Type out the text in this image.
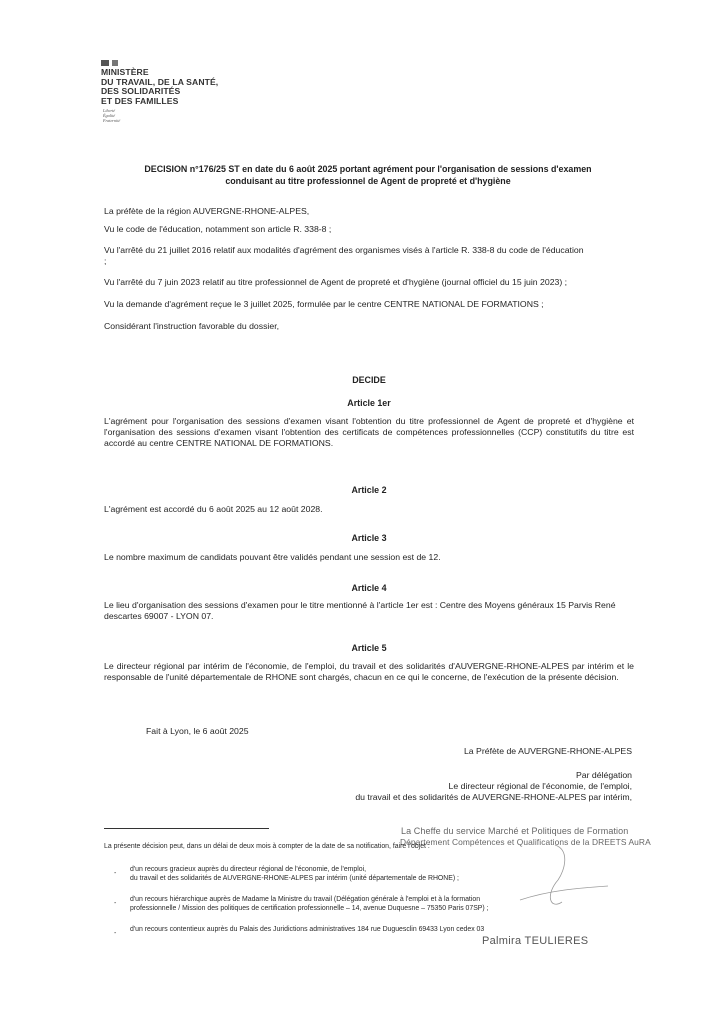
MINISTÈRE
DU TRAVAIL, DE LA SANTÉ,
DES SOLIDARITÉS
ET DES FAMILLES
Liberté
Égalité
Fraternité
DECISION n°176/25 ST en date du 6 août 2025 portant agrément pour l'organisation de sessions d'examen
conduisant au titre professionnel de Agent de propreté et d'hygiène
La préfète de la région AUVERGNE-RHONE-ALPES,
Vu le code de l'éducation, notamment son article R. 338-8 ;
Vu l'arrêté du 21 juillet 2016 relatif aux modalités d'agrément des organismes visés à l'article R. 338-8 du code de l'éducation ;
Vu l'arrêté du 7 juin 2023 relatif au titre professionnel de Agent de propreté et d'hygiène (journal officiel du 15 juin 2023) ;
Vu la demande d'agrément reçue le 3 juillet 2025, formulée par le centre CENTRE NATIONAL DE FORMATIONS ;
Considérant l'instruction favorable du dossier,
DECIDE
Article 1er
L'agrément pour l'organisation des sessions d'examen visant l'obtention du titre professionnel de Agent de propreté et d'hygiène et l'organisation des sessions d'examen visant l'obtention des certificats de compétences professionnelles (CCP) constitutifs du titre est accordé au centre CENTRE NATIONAL DE FORMATIONS.
Article 2
L'agrément est accordé du 6 août 2025 au 12 août 2028.
Article 3
Le nombre maximum de candidats pouvant être validés pendant une session est de 12.
Article 4
Le lieu d'organisation des sessions d'examen pour le titre mentionné à l'article 1er est : Centre des Moyens généraux 15 Parvis René descartes 69007 - LYON 07.
Article 5
Le directeur régional par intérim de l'économie, de l'emploi, du travail et des solidarités d'AUVERGNE-RHONE-ALPES par intérim et le responsable de l'unité départementale de RHONE sont chargés, chacun en ce qui le concerne, de l'exécution de la présente décision.
Fait à Lyon, le 6 août 2025
La Préfète de AUVERGNE-RHONE-ALPES
Par délégation
Le directeur régional de l'économie, de l'emploi,
du travail et des solidarités de AUVERGNE-RHONE-ALPES par intérim,
La Cheffe du service Marché et Politiques de Formation
Département Compétences et Qualifications de la DREETS AuRA
La présente décision peut, dans un délai de deux mois à compter de la date de sa notification, faire l'objet :
-
d'un recours gracieux auprès du directeur régional de l'économie, de l'emploi,
du travail et des solidarités de AUVERGNE-RHONE-ALPES par intérim (unité départementale de RHONE) ;
-
d'un recours hiérarchique auprès de Madame la Ministre du travail (Délégation générale à l'emploi et à la formation
professionnelle / Mission des politiques de certification professionnelle – 14, avenue Duquesne – 75350 Paris 07SP) ;
-
d'un recours contentieux auprès du Palais des Juridictions administratives 184 rue Duguesclin 69433 Lyon cedex 03
Palmira TEULIERES
